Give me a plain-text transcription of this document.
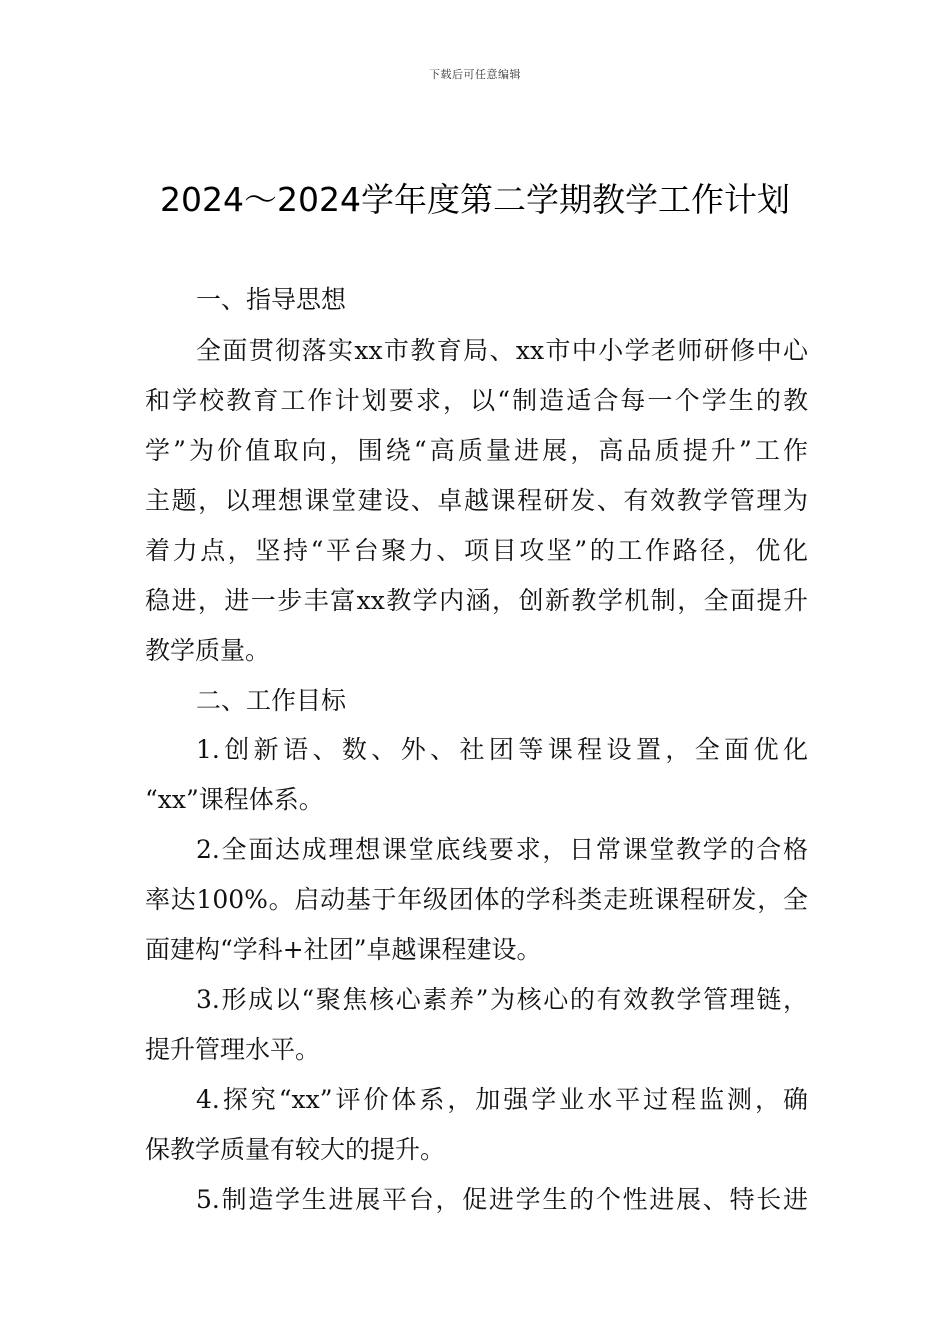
下载后可任意编辑
2024～2024学年度第二学期教学工作计划
一、指导思想
全面贯彻落实xx市教育局、xx市中小学老师研修中心
和学校教育工作计划要求，以“制造适合每一个学生的教
学”为价值取向，围绕“高质量进展，高品质提升”工作
主题，以理想课堂建设、卓越课程研发、有效教学管理为
着力点，坚持“平台聚力、项目攻坚”的工作路径，优化
稳进，进一步丰富xx教学内涵，创新教学机制，全面提升
教学质量。
二、工作目标
1.创新语、数、外、社团等课程设置，全面优化
“xx”课程体系。
2.全面达成理想课堂底线要求，日常课堂教学的合格
率达100%。启动基于年级团体的学科类走班课程研发，全
面建构“学科+社团”卓越课程建设。
3.形成以“聚焦核心素养”为核心的有效教学管理链，
提升管理水平。
4.探究“xx”评价体系，加强学业水平过程监测，确
保教学质量有较大的提升。
5.制造学生进展平台，促进学生的个性进展、特长进
